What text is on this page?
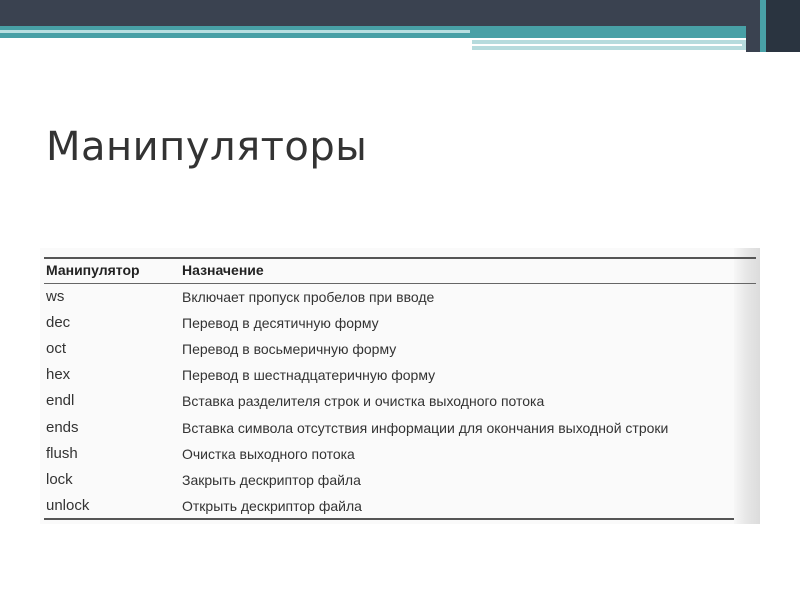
Манипуляторы
Манипулятор	Назначение
ws	Включает пропуск пробелов при вводе
dec	Перевод в десятичную форму
oct	Перевод в восьмеричную форму
hex	Перевод в шестнадцатеричную форму
endl	Вставка разделителя строк и очистка выходного потока
ends	Вставка символа отсутствия информации для окончания выходной строки
flush	Очистка выходного потока
lock	Закрыть дескриптор файла
unlock	Открыть дескриптор файла
